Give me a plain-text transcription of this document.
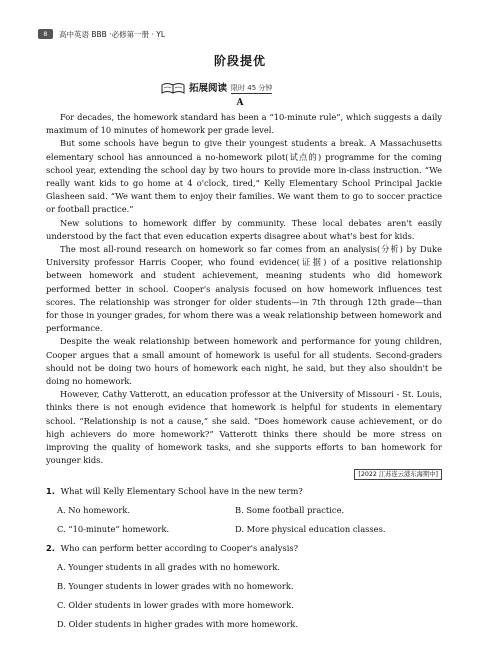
8	高中英语 BBB ·必修第一册 · YL
阶段提优
拓展阅读 限时 45 分钟
A

For decades, the homework standard has been a “10-minute rule”, which suggests a daily maximum of 10 minutes of homework per grade level.

But some schools have begun to give their youngest students a break. A Massachusetts elementary school has announced a no-homework pilot(试点的) programme for the coming school year, extending the school day by two hours to provide more in-class instruction. “We really want kids to go home at 4 o'clock, tired,” Kelly Elementary School Principal Jackie Glasheen said. “We want them to enjoy their families. We want them to go to soccer practice or football practice.”

New solutions to homework differ by community. These local debates aren't easily understood by the fact that even education experts disagree about what's best for kids.

The most all-round research on homework so far comes from an analysis(分析) by Duke University professor Harris Cooper, who found evidence(证据) of a positive relationship between homework and student achievement, meaning students who did homework performed better in school. Cooper's analysis focused on how homework influences test scores. The relationship was stronger for older students—in 7th through 12th grade—than for those in younger grades, for whom there was a weak relationship between homework and performance.

Despite the weak relationship between homework and performance for young children, Cooper argues that a small amount of homework is useful for all students. Second-graders should not be doing two hours of homework each night, he said, but they also shouldn't be doing no homework.

However, Cathy Vatterott, an education professor at the University of Missouri - St. Louis, thinks there is not enough evidence that homework is helpful for students in elementary school. “Relationship is not a cause,” she said. “Does homework cause achievement, or do high achievers do more homework?” Vatterott thinks there should be more stress on improving the quality of homework tasks, and she supports efforts to ban homework for younger kids.

[2022 江苏连云港东海期中]
1. What will Kelly Elementary School have in the new term?
A. No homework.	B. Some football practice.
C. “10-minute” homework.	D. More physical education classes.
2. Who can perform better according to Cooper's analysis?
A. Younger students in all grades with no homework.
B. Younger students in lower grades with no homework.
C. Older students in lower grades with more homework.
D. Older students in higher grades with more homework.
